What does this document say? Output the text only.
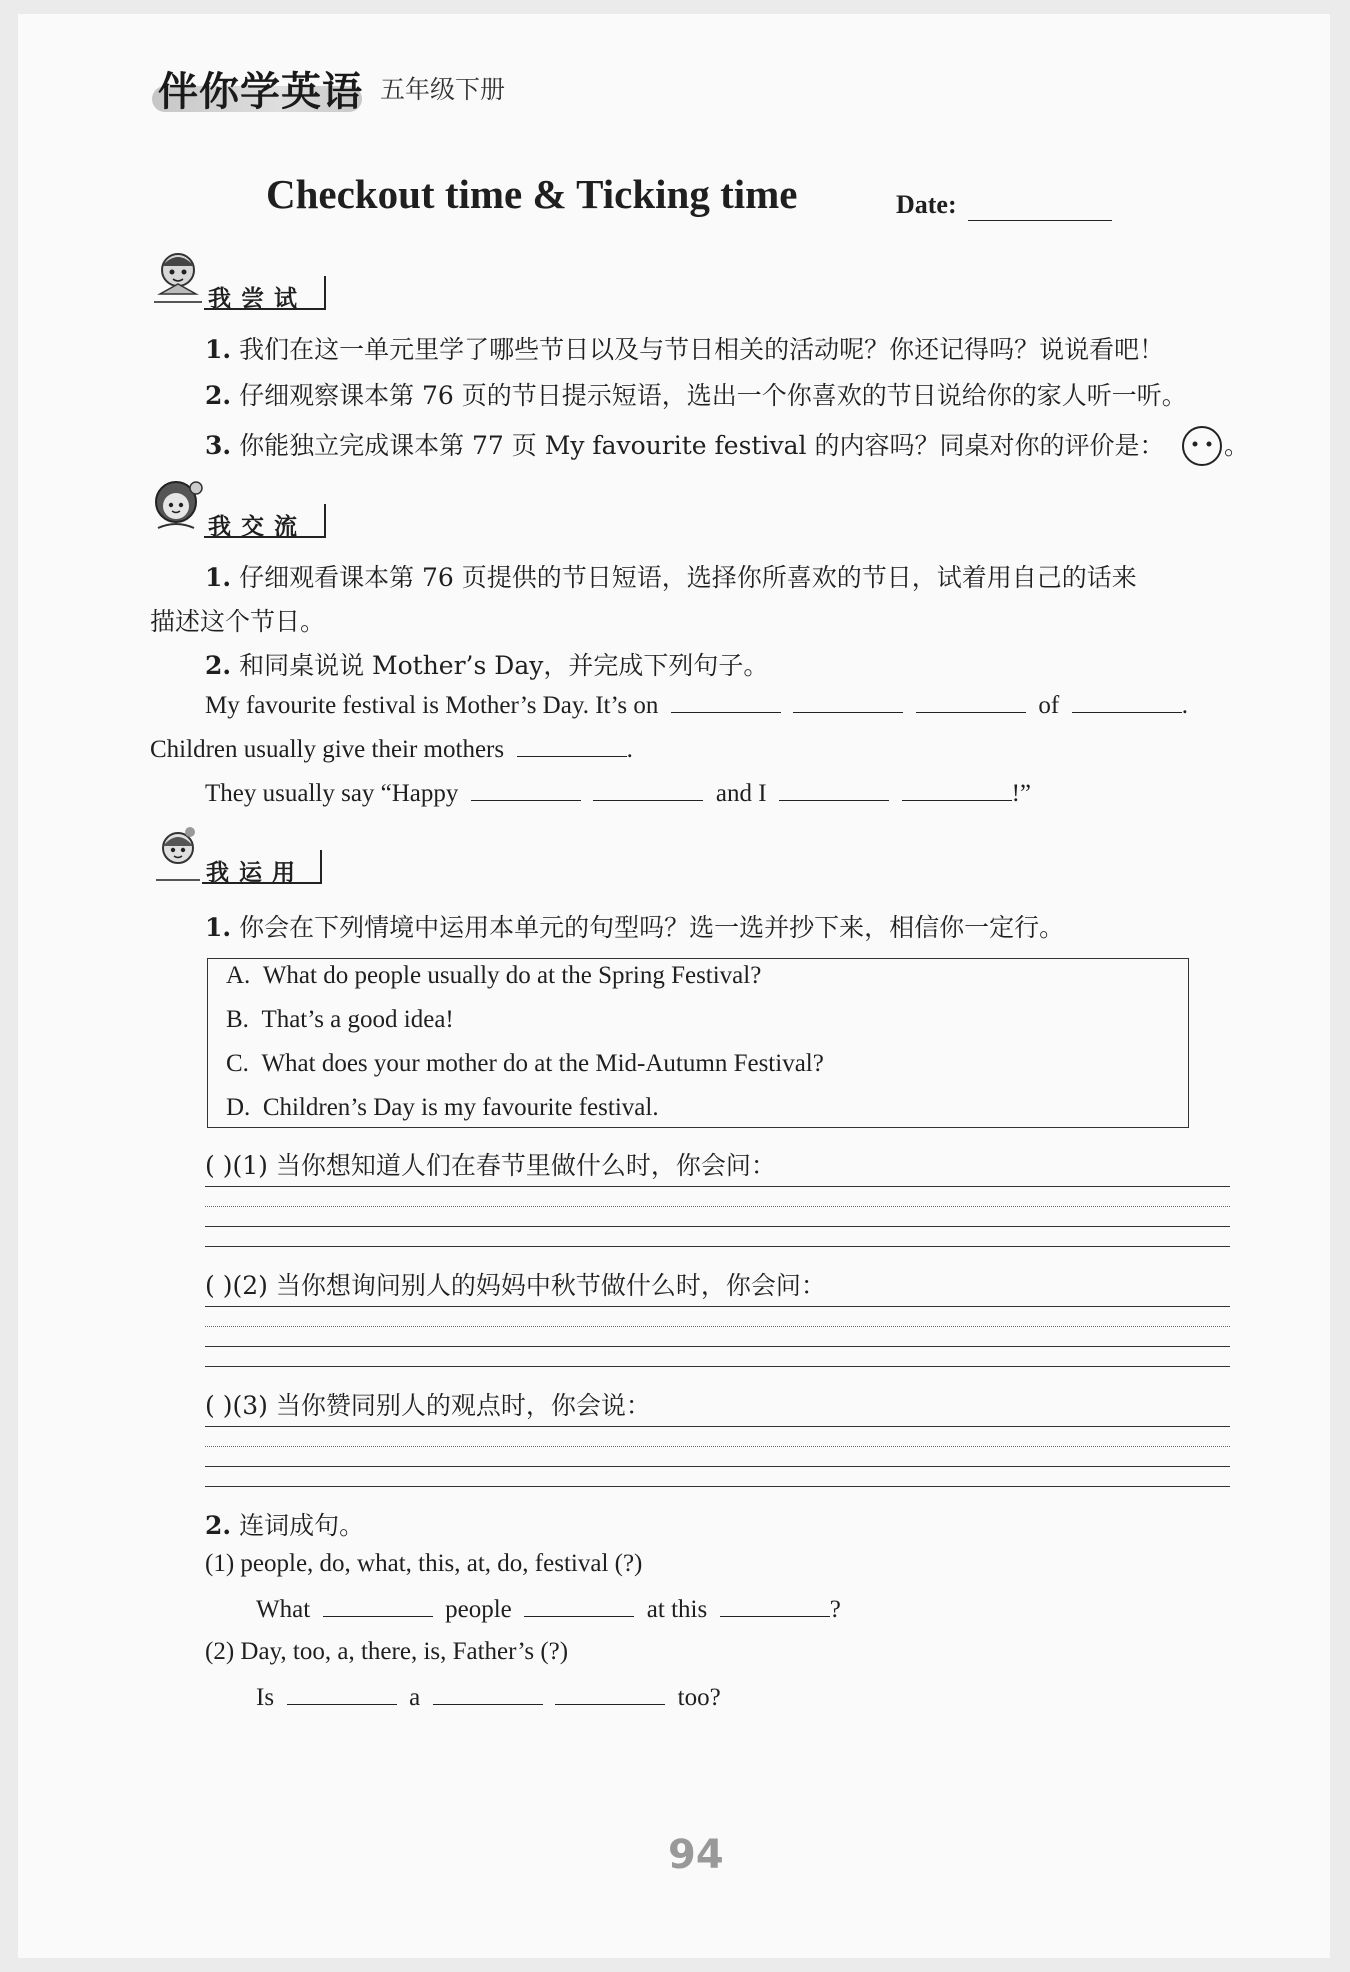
伴你学英语 五年级下册
Checkout time & Ticking time	Date:
我尝试
1. 我们在这一单元里学了哪些节日以及与节日相关的活动呢？你还记得吗？说说看吧！
2. 仔细观察课本第 76 页的节日提示短语，选出一个你喜欢的节日说给你的家人听一听。
3. 你能独立完成课本第 77 页 My favourite festival 的内容吗？同桌对你的评价是： 。
我交流
1. 仔细观看课本第 76 页提供的节日短语，选择你所喜欢的节日，试着用自己的话来
描述这个节日。
2. 和同桌说说 Mother’s Day，并完成下列句子。
My favourite festival is Mother’s Day. It’s on	of	.
Children usually give their mothers	.
They usually say “Happy	and I	!”
我运用
1. 你会在下列情境中运用本单元的句型吗？选一选并抄下来，相信你一定行。
A. What do people usually do at the Spring Festival?
B. That’s a good idea!
C. What does your mother do at the Mid-Autumn Festival?
D. Children’s Day is my favourite festival.
( )(1) 当你想知道人们在春节里做什么时，你会问：
( )(2) 当你想询问别人的妈妈中秋节做什么时，你会问：
( )(3) 当你赞同别人的观点时，你会说：
2. 连词成句。
(1) people, do, what, this, at, do, festival (?)
What	people	at this	?
(2) Day, too, a, there, is, Father’s (?)
Is	a	too?
94
